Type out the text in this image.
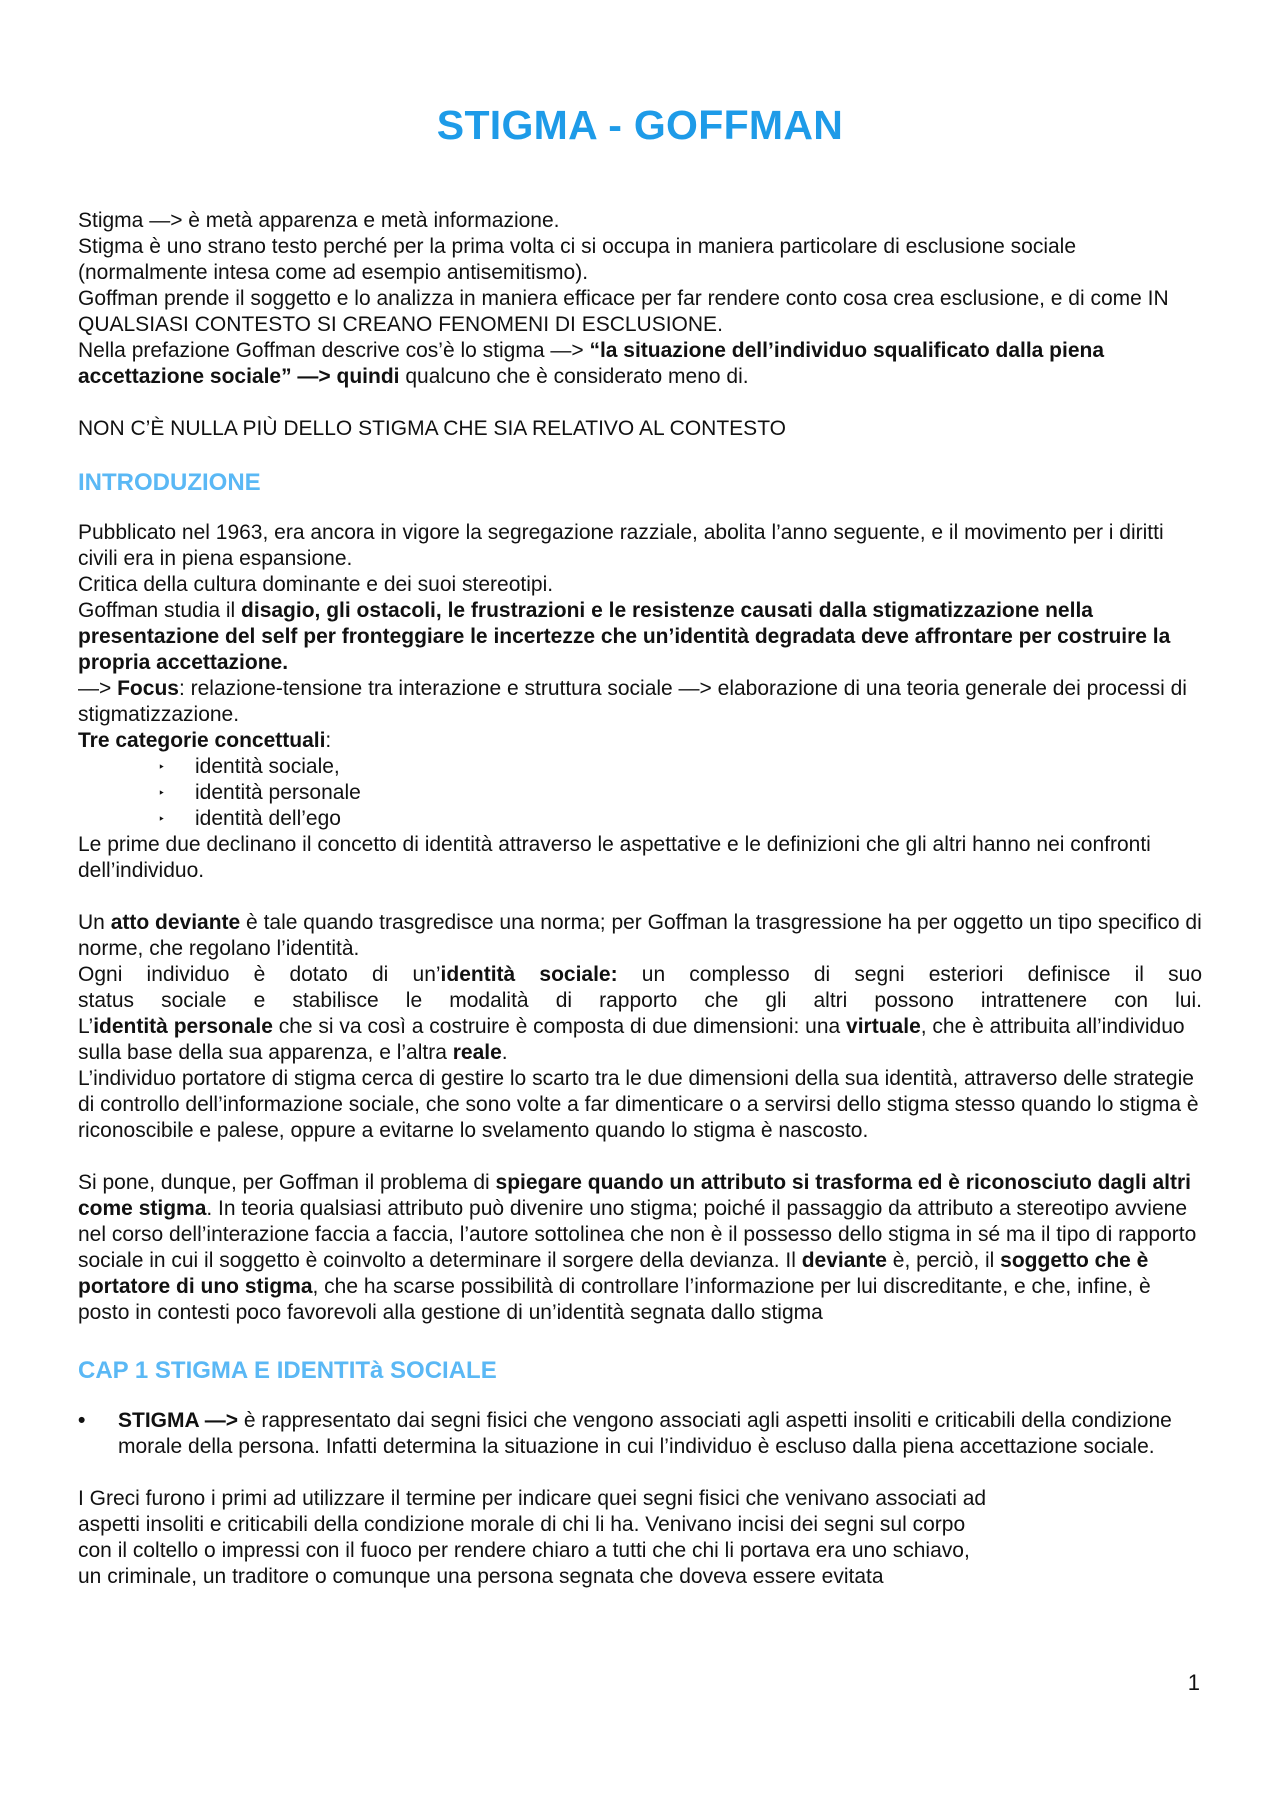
STIGMA - GOFFMAN

Stigma —> è metà apparenza e metà informazione.

Stigma è uno strano testo perché per la prima volta ci si occupa in maniera particolare di esclusione sociale (normalmente intesa come ad esempio antisemitismo).

Goffman prende il soggetto e lo analizza in maniera efficace per far rendere conto cosa crea esclusione, e di come IN QUALSIASI CONTESTO SI CREANO FENOMENI DI ESCLUSIONE.

Nella prefazione Goffman descrive cos’è lo stigma —> “la situazione dell’individuo squalificato dalla piena accettazione sociale” —> quindi qualcuno che è considerato meno di.

NON C’È NULLA PIÙ DELLO STIGMA CHE SIA RELATIVO AL CONTESTO

INTRODUZIONE

Pubblicato nel 1963, era ancora in vigore la segregazione razziale, abolita l’anno seguente, e il movimento per i diritti civili era in piena espansione.

Critica della cultura dominante e dei suoi stereotipi.

Goffman studia il disagio, gli ostacoli, le frustrazioni e le resistenze causati dalla stigmatizzazione nella presentazione del self per fronteggiare le incertezze che un’identità degradata deve affrontare per costruire la propria accettazione.

—> Focus: relazione-tensione tra interazione e struttura sociale —> elaborazione di una teoria generale dei processi di stigmatizzazione.

Tre categorie concettuali:

‣ identità sociale,
‣ identità personale
‣ identità dell’ego

Le prime due declinano il concetto di identità attraverso le aspettative e le definizioni che gli altri hanno nei confronti dell’individuo.

Un atto deviante è tale quando trasgredisce una norma; per Goffman la trasgressione ha per oggetto un tipo specifico di norme, che regolano l’identità.

Ogni individuo è dotato di un’identità sociale: un complesso di segni esteriori definisce il suo

status sociale e stabilisce le modalità di rapporto che gli altri possono intrattenere con lui.

L’identità personale che si va così a costruire è composta di due dimensioni: una virtuale, che è attribuita all’individuo sulla base della sua apparenza, e l’altra reale.

L’individuo portatore di stigma cerca di gestire lo scarto tra le due dimensioni della sua identità, attraverso delle strategie di controllo dell’informazione sociale, che sono volte a far dimenticare o a servirsi dello stigma stesso quando lo stigma è riconoscibile e palese, oppure a evitarne lo svelamento quando lo stigma è nascosto.

Si pone, dunque, per Goffman il problema di spiegare quando un attributo si trasforma ed è riconosciuto dagli altri come stigma. In teoria qualsiasi attributo può divenire uno stigma; poiché il passaggio da attributo a stereotipo avviene nel corso dell’interazione faccia a faccia, l’autore sottolinea che non è il possesso dello stigma in sé ma il tipo di rapporto sociale in cui il soggetto è coinvolto a determinare il sorgere della devianza. Il deviante è, perciò, il soggetto che è portatore di uno stigma, che ha scarse possibilità di controllare l’informazione per lui discreditante, e che, infine, è posto in contesti poco favorevoli alla gestione di un’identità segnata dallo stigma

CAP 1 STIGMA E IDENTITà SOCIALE
• STIGMA —> è rappresentato dai segni fisici che vengono associati agli aspetti insoliti e criticabili della condizione morale della persona. Infatti determina la situazione in cui l’individuo è escluso dalla piena accettazione sociale.

I Greci furono i primi ad utilizzare il termine per indicare quei segni fisici che venivano associati ad

aspetti insoliti e criticabili della condizione morale di chi li ha. Venivano incisi dei segni sul corpo

con il coltello o impressi con il fuoco per rendere chiaro a tutti che chi li portava era uno schiavo,

un criminale, un traditore o comunque una persona segnata che doveva essere evitata

1
